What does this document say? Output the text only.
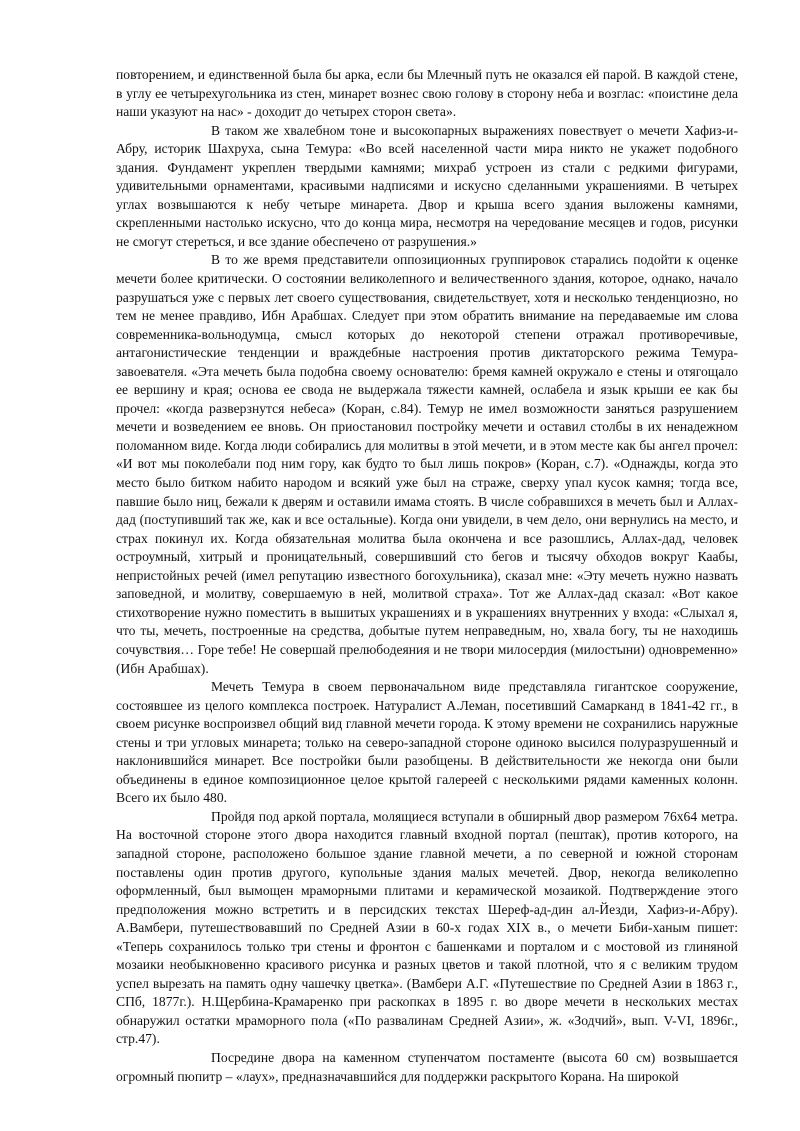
повторением, и единственной была бы арка, если бы Млечный путь не оказался ей парой. В каждой стене, в углу ее четырехугольника из стен, минарет вознес свою голову в сторону неба и возглас: «поистине дела наши указуют на нас» - доходит до четырех сторон света».

В таком же хвалебном тоне и высокопарных выражениях повествует о мечети Хафиз-и-Абру, историк Шахруха, сына Темура: «Во всей населенной части мира никто не укажет подобного здания. Фундамент укреплен твердыми камнями; михраб устроен из стали с редкими фигурами, удивительными орнаментами, красивыми надписями и искусно сделанными украшениями. В четырех углах возвышаются к небу четыре минарета. Двор и крыша всего здания выложены камнями, скрепленными настолько искусно, что до конца мира, несмотря на чередование месяцев и годов, рисунки не смогут стереться, и все здание обеспечено от разрушения.»

В то же время представители оппозиционных группировок старались подойти к оценке мечети более критически. О состоянии великолепного и величественного здания, которое, однако, начало разрушаться уже с первых лет своего существования, свидетельствует, хотя и несколько тенденциозно, но тем не менее правдиво, Ибн Арабшах. Следует при этом обратить внимание на передаваемые им слова современника-вольнодумца, смысл которых до некоторой степени отражал противоречивые, антагонистические тенденции и враждебные настроения против диктаторского режима Темура-завоевателя. «Эта мечеть была подобна своему основателю: бремя камней окружало е стены и отягощало ее вершину и края; основа ее свода не выдержала тяжести камней, ослабела и язык крыши ее как бы прочел: «когда разверзнутся небеса» (Коран, с.84). Темур не имел возможности заняться разрушением мечети и возведением ее вновь. Он приостановил постройку мечети и оставил столбы в их ненадежном поломанном виде. Когда люди собирались для молитвы в этой мечети, и в этом месте как бы ангел прочел: «И вот мы поколебали под ним гору, как будто то был лишь покров» (Коран, с.7). «Однажды, когда это место было битком набито народом и всякий уже был на страже, сверху упал кусок камня; тогда все, павшие было ниц, бежали к дверям и оставили имама стоять. В числе собравшихся в мечеть был и Аллах-дад (поступивший так же, как и все остальные). Когда они увидели, в чем дело, они вернулись на место, и страх покинул их. Когда обязательная молитва была окончена и все разошлись, Аллах-дад, человек остроумный, хитрый и проницательный, совершивший сто бегов и тысячу обходов вокруг Каабы, непристойных речей (имел репутацию известного богохульника), сказал мне: «Эту мечеть нужно назвать заповедной, и молитву, совершаемую в ней, молитвой страха». Тот же Аллах-дад сказал: «Вот какое стихотворение нужно поместить в вышитых украшениях и в украшениях внутренних у входа: «Слыхал я, что ты, мечеть, построенные на средства, добытые путем неправедным, но, хвала богу, ты не находишь сочувствия… Горе тебе! Не совершай прелюбодеяния и не твори милосердия (милостыни) одновременно» (Ибн Арабшах).

Мечеть Темура в своем первоначальном виде представляла гигантское сооружение, состоявшее из целого комплекса построек. Натуралист А.Леман, посетивший Самарканд в 1841-42 гг., в своем рисунке воспроизвел общий вид главной мечети города. К этому времени не сохранились наружные стены и три угловых минарета; только на северо-западной стороне одиноко высился полуразрушенный и наклонившийся минарет. Все постройки были разобщены. В действительности же некогда они были объединены в единое композиционное целое крытой галереей с несколькими рядами каменных колонн. Всего их было 480.

Пройдя под аркой портала, молящиеся вступали в обширный двор размером 76х64 метра. На восточной стороне этого двора находится главный входной портал (пештак), против которого, на западной стороне, расположено большое здание главной мечети, а по северной и южной сторонам поставлены один против другого, купольные здания малых мечетей. Двор, некогда великолепно оформленный, был вымощен мраморными плитами и керамической мозаикой. Подтверждение этого предположения можно встретить и в персидских текстах Шереф-ад-дин ал-Йезди, Хафиз-и-Абру). А.Вамбери, путешествовавший по Средней Азии в 60-х годах XIX в., о мечети Биби-ханым пишет: «Теперь сохранилось только три стены и фронтон с башенками и порталом и с мостовой из глиняной мозаики необыкновенно красивого рисунка и разных цветов и такой плотной, что я с великим трудом успел вырезать на память одну чашечку цветка». (Вамбери А.Г. «Путешествие по Средней Азии в 1863 г., СПб, 1877г.). Н.Щербина-Крамаренко при раскопках в 1895 г. во дворе мечети в нескольких местах обнаружил остатки мраморного пола («По развалинам Средней Азии», ж. «Зодчий», вып. V-VI, 1896г., стр.47).

Посредине двора на каменном ступенчатом постаменте (высота 60 см) возвышается огромный пюпитр – «лаух», предназначавшийся для поддержки раскрытого Корана. На широкой
